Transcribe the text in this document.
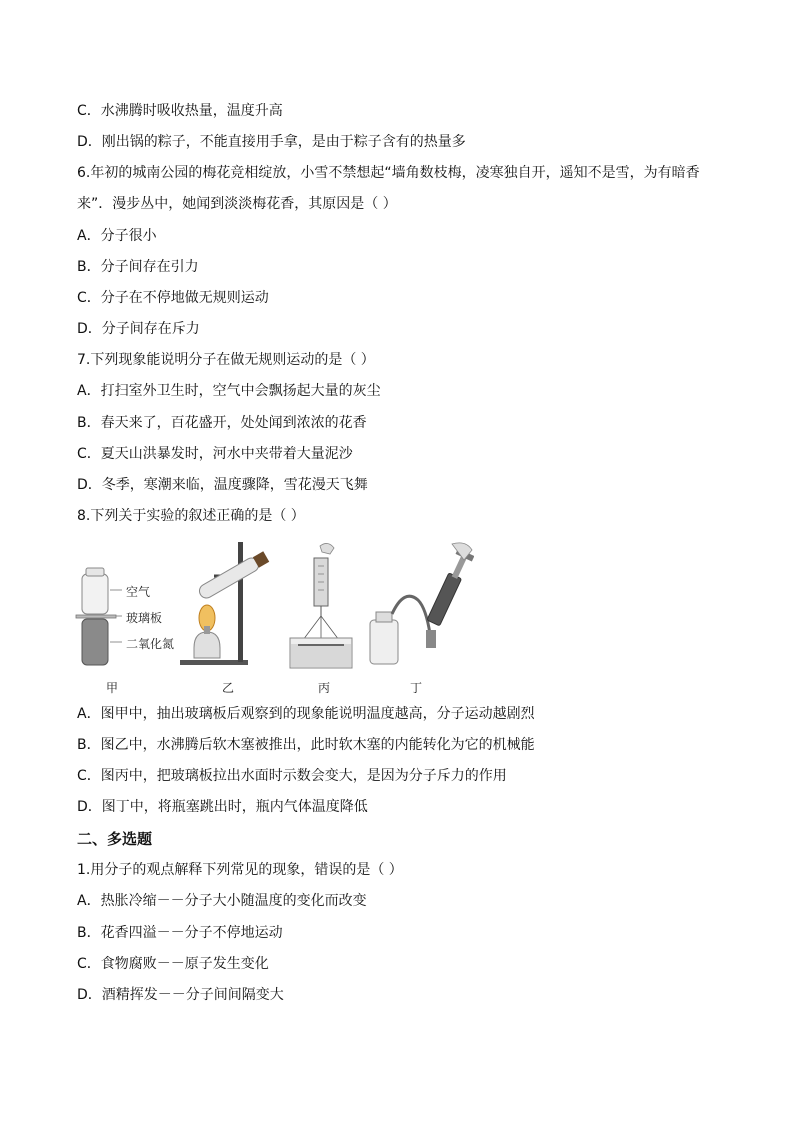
C．水沸腾时吸收热量，温度升高
D．刚出锅的粽子，不能直接用手拿，是由于粽子含有的热量多
6.年初的城南公园的梅花竞相绽放，小雪不禁想起“墙角数枝梅，凌寒独自开，遥知不是雪，为有暗香
来”．漫步丛中，她闻到淡淡梅花香，其原因是（ ）
A．分子很小
B．分子间存在引力
C．分子在不停地做无规则运动
D．分子间存在斥力
7.下列现象能说明分子在做无规则运动的是（ ）
A．打扫室外卫生时，空气中会飘扬起大量的灰尘
B．春天来了，百花盛开，处处闻到浓浓的花香
C．夏天山洪暴发时，河水中夹带着大量泥沙
D．冬季，寒潮来临，温度骤降，雪花漫天飞舞
8.下列关于实验的叙述正确的是（ ）
空气
玻璃板
二氧化氮
甲	乙	丙	丁
A．图甲中，抽出玻璃板后观察到的现象能说明温度越高，分子运动越剧烈
B．图乙中，水沸腾后软木塞被推出，此时软木塞的内能转化为它的机械能
C．图丙中，把玻璃板拉出水面时示数会变大，是因为分子斥力的作用
D．图丁中，将瓶塞跳出时，瓶内气体温度降低
二、多选题
1.用分子的观点解释下列常见的现象，错误的是（ ）
A．热胀冷缩－－分子大小随温度的变化而改变
B．花香四溢－－分子不停地运动
C．食物腐败－－原子发生变化
D．酒精挥发－－分子间间隔变大
